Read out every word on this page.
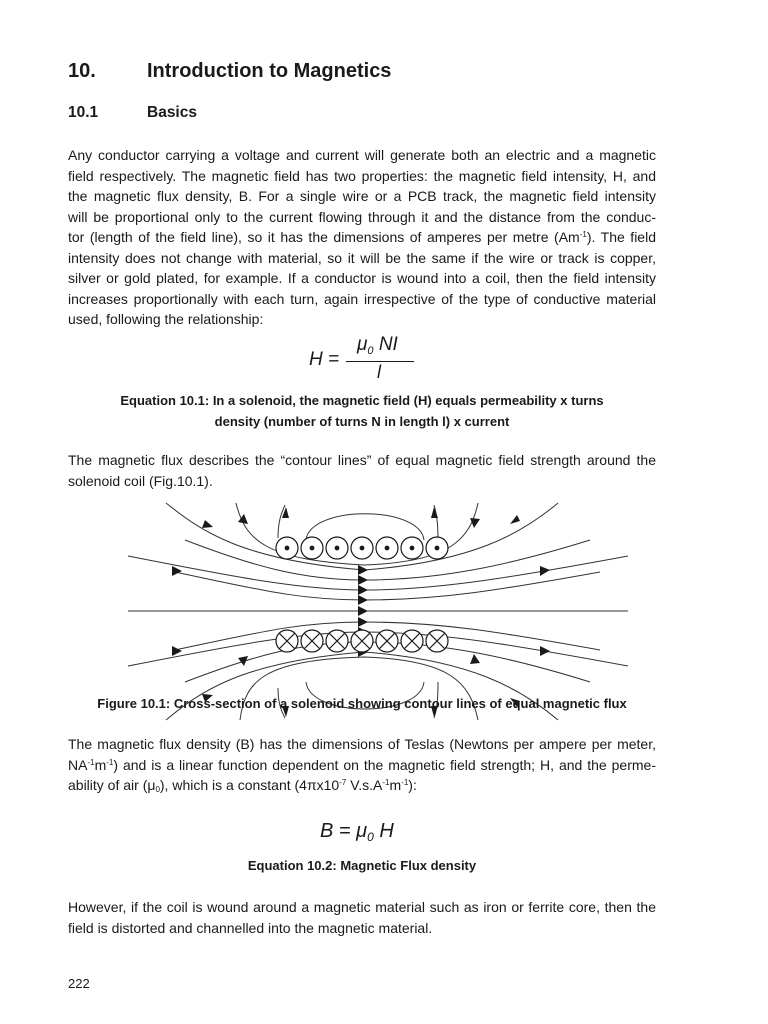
10.	Introduction to Magnetics
10.1	Basics

Any conductor carrying a voltage and current will generate both an electric and a magnetic
field respectively. The magnetic field has two properties: the magnetic field intensity, H, and
the magnetic flux density, B. For a single wire or a PCB track, the magnetic field intensity
will be proportional only to the current flowing through it and the distance from the conduc-
tor (length of the field line), so it has the dimensions of amperes per metre $(Am^{-1})$. The field
intensity does not change with material, so it will be the same if the wire or track is copper,
silver or gold plated, for example. If a conductor is wound into a coil, then the field intensity
increases proportionally with each turn, again irrespective of the type of conductive material
used, following the relationship:

H =
$\mu_0$ NI
l

Equation 10.1: In a solenoid, the magnetic field (H) equals permeability x turns
density (number of turns N in length l) x current

The magnetic flux describes the “contour lines” of equal magnetic field strength around the
solenoid coil (Fig.10.1).

Figure 10.1: Cross-section of a solenoid showing contour lines of equal magnetic flux

The magnetic flux density (B) has the dimensions of Teslas (Newtons per ampere per meter,
$NA^{-1}m^{-1}$) and is a linear function dependent on the magnetic field strength; H, and the perme-
ability of air $(\mu_0)$, which is a constant ($4\pi x10^{-7}$ $V.s.A^{-1}m^{-1}$):

$B = \mu_0$ H

Equation 10.2: Magnetic Flux density

However, if the coil is wound around a magnetic material such as iron or ferrite core, then the
field is distorted and channelled into the magnetic material.

222
